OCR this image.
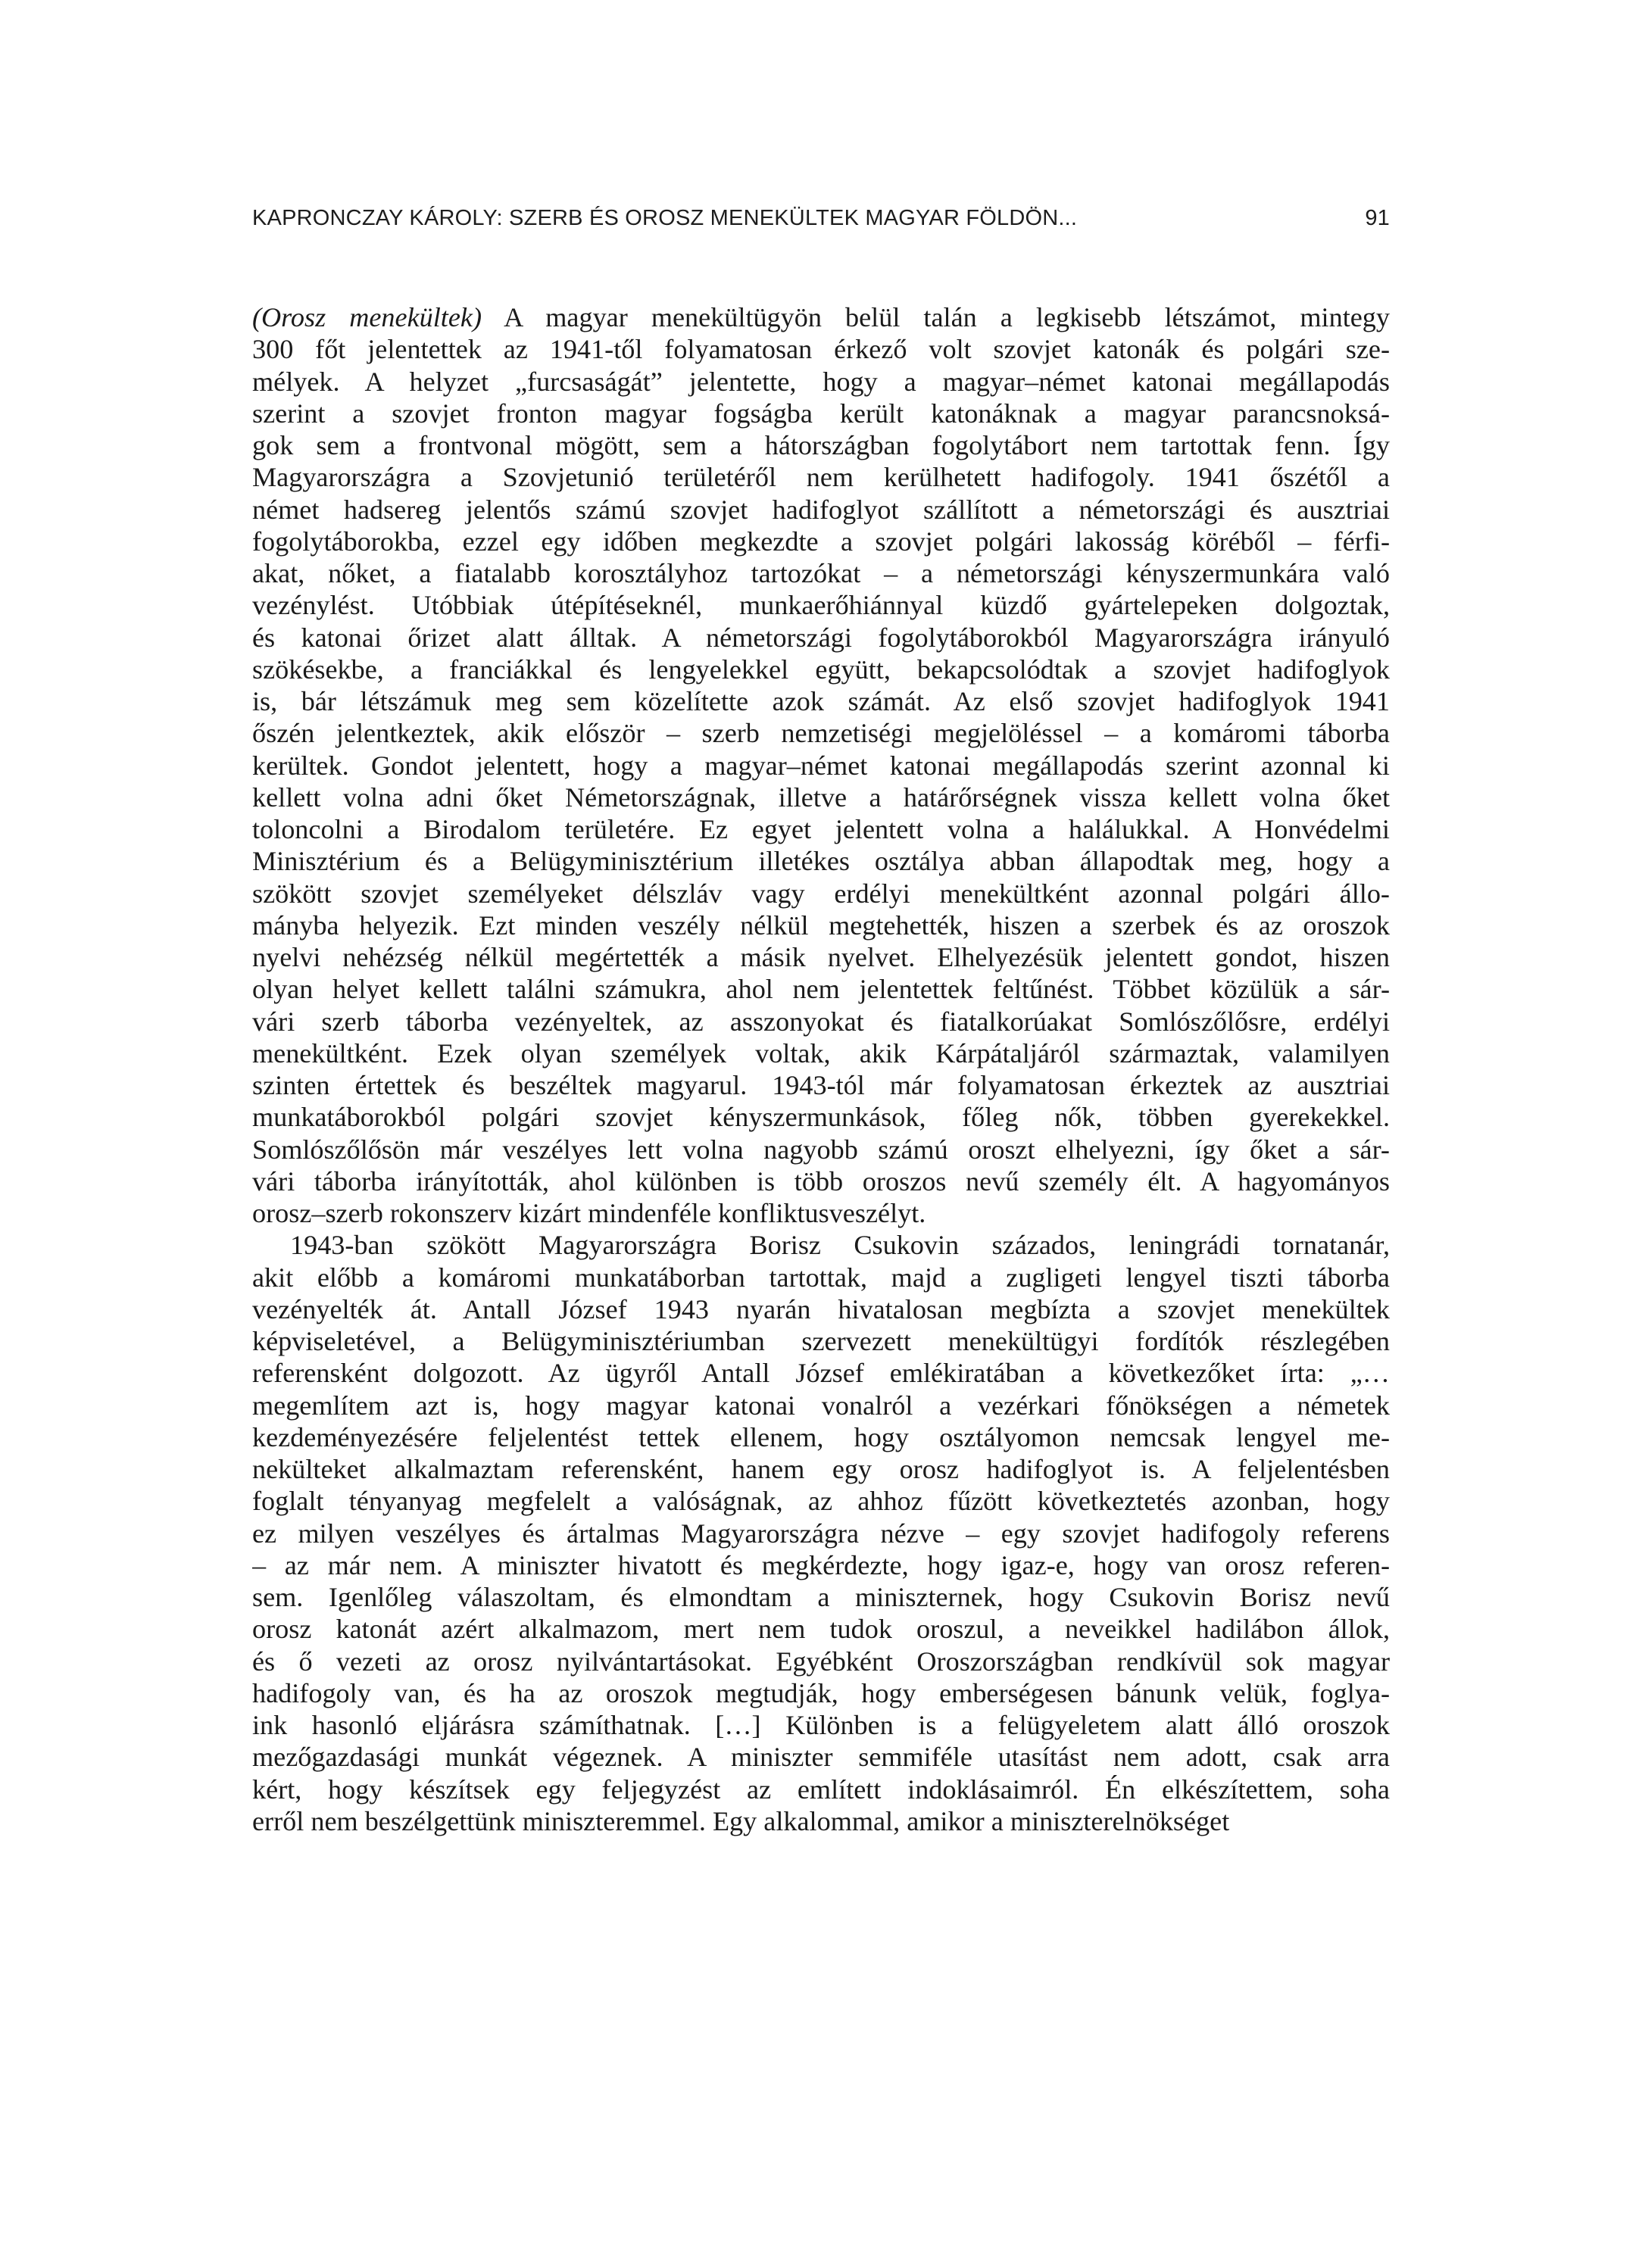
KAPRONCZAY KÁROLY: SZERB ÉS OROSZ MENEKÜLTEK MAGYAR FÖLDÖN...	91
(Orosz menekültek) A magyar menekültügyön belül talán a legkisebb létszámot, mintegy
300 főt jelentettek az 1941-től folyamatosan érkező volt szovjet katonák és polgári sze-
mélyek. A helyzet „furcsaságát” jelentette, hogy a magyar–német katonai megállapodás
szerint a szovjet fronton magyar fogságba került katonáknak a magyar parancsnoksá-
gok sem a frontvonal mögött, sem a hátországban fogolytábort nem tartottak fenn. Így
Magyarországra a Szovjetunió területéről nem kerülhetett hadifogoly. 1941 őszétől a
német hadsereg jelentős számú szovjet hadifoglyot szállított a németországi és ausztriai
fogolytáborokba, ezzel egy időben megkezdte a szovjet polgári lakosság köréből – férfi-
akat, nőket, a fiatalabb korosztályhoz tartozókat – a németországi kényszermunkára való
vezénylést. Utóbbiak útépítéseknél, munkaerőhiánnyal küzdő gyártelepeken dolgoztak,
és katonai őrizet alatt álltak. A németországi fogolytáborokból Magyarországra irányuló
szökésekbe, a franciákkal és lengyelekkel együtt, bekapcsolódtak a szovjet hadifoglyok
is, bár létszámuk meg sem közelítette azok számát. Az első szovjet hadifoglyok 1941
őszén jelentkeztek, akik először – szerb nemzetiségi megjelöléssel – a komáromi táborba
kerültek. Gondot jelentett, hogy a magyar–német katonai megállapodás szerint azonnal ki
kellett volna adni őket Németországnak, illetve a határőrségnek vissza kellett volna őket
toloncolni a Birodalom területére. Ez egyet jelentett volna a halálukkal. A Honvédelmi
Minisztérium és a Belügyminisztérium illetékes osztálya abban állapodtak meg, hogy a
szökött szovjet személyeket délszláv vagy erdélyi menekültként azonnal polgári állo-
mányba helyezik. Ezt minden veszély nélkül megtehették, hiszen a szerbek és az oroszok
nyelvi nehézség nélkül megértették a másik nyelvet. Elhelyezésük jelentett gondot, hiszen
olyan helyet kellett találni számukra, ahol nem jelentettek feltűnést. Többet közülük a sár-
vári szerb táborba vezényeltek, az asszonyokat és fiatalkorúakat Somlószőlősre, erdélyi
menekültként. Ezek olyan személyek voltak, akik Kárpátaljáról származtak, valamilyen
szinten értettek és beszéltek magyarul. 1943-tól már folyamatosan érkeztek az ausztriai
munkatáborokból polgári szovjet kényszermunkások, főleg nők, többen gyerekekkel.
Somlószőlősön már veszélyes lett volna nagyobb számú oroszt elhelyezni, így őket a sár-
vári táborba irányították, ahol különben is több oroszos nevű személy élt. A hagyományos
orosz–szerb rokonszerv kizárt mindenféle konfliktusveszélyt.
1943-ban szökött Magyarországra Borisz Csukovin százados, leningrádi tornatanár,
akit előbb a komáromi munkatáborban tartottak, majd a zugligeti lengyel tiszti táborba
vezényelték át. Antall József 1943 nyarán hivatalosan megbízta a szovjet menekültek
képviseletével, a Belügyminisztériumban szervezett menekültügyi fordítók részlegében
referensként dolgozott. Az ügyről Antall József emlékiratában a következőket írta: „…
megemlítem azt is, hogy magyar katonai vonalról a vezérkari főnökségen a németek
kezdeményezésére feljelentést tettek ellenem, hogy osztályomon nemcsak lengyel me-
nekülteket alkalmaztam referensként, hanem egy orosz hadifoglyot is. A feljelentésben
foglalt tényanyag megfelelt a valóságnak, az ahhoz fűzött következtetés azonban, hogy
ez milyen veszélyes és ártalmas Magyarországra nézve – egy szovjet hadifogoly referens
– az már nem. A miniszter hivatott és megkérdezte, hogy igaz-e, hogy van orosz referen-
sem. Igenlőleg válaszoltam, és elmondtam a miniszternek, hogy Csukovin Borisz nevű
orosz katonát azért alkalmazom, mert nem tudok oroszul, a neveikkel hadilábon állok,
és ő vezeti az orosz nyilvántartásokat. Egyébként Oroszországban rendkívül sok magyar
hadifogoly van, és ha az oroszok megtudják, hogy emberségesen bánunk velük, foglya-
ink hasonló eljárásra számíthatnak. […] Különben is a felügyeletem alatt álló oroszok
mezőgazdasági munkát végeznek. A miniszter semmiféle utasítást nem adott, csak arra
kért, hogy készítsek egy feljegyzést az említett indoklásaimról. Én elkészítettem, soha
erről nem beszélgettünk miniszteremmel. Egy alkalommal, amikor a miniszterelnökséget
